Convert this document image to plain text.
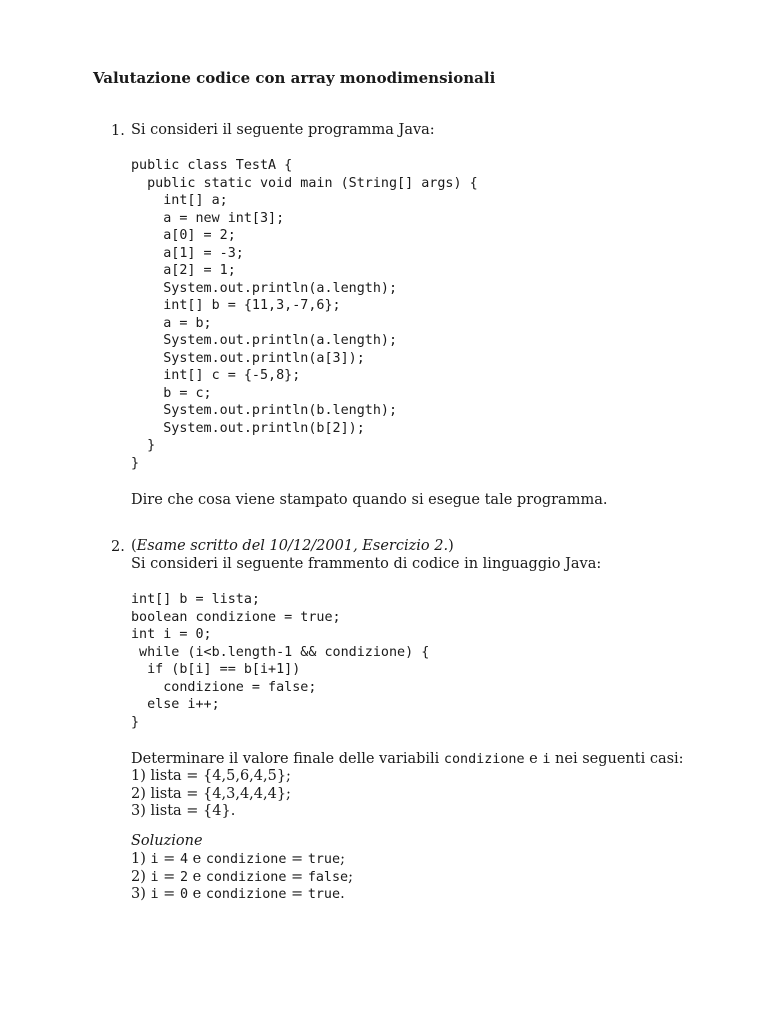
Valutazione codice con array monodimensionali
1. Si consideri il seguente programma Java:
public class TestA {
public static void main (String[] args) {
int[] a;
a = new int[3];
a[0] = 2;
a[1] = -3;
a[2] = 1;
System.out.println(a.length);
int[] b = {11,3,-7,6};
a = b;
System.out.println(a.length);
System.out.println(a[3]);
int[] c = {-5,8};
b = c;
System.out.println(b.length);
System.out.println(b[2]);
}
}
Dire che cosa viene stampato quando si esegue tale programma.
2. (Esame scritto del 10/12/2001, Esercizio 2.)
Si consideri il seguente frammento di codice in linguaggio Java:
int[] b = lista;
boolean condizione = true;
int i = 0;
while (i<b.length-1 && condizione) {
if (b[i] == b[i+1])
condizione = false;
else i++;
}
Determinare il valore finale delle variabili condizione e i nei seguenti casi:
1) lista = {4,5,6,4,5};
2) lista = {4,3,4,4,4};
3) lista = {4}.
Soluzione
1) i = 4 e condizione = true;
2) i = 2 e condizione = false;
3) i = 0 e condizione = true.
